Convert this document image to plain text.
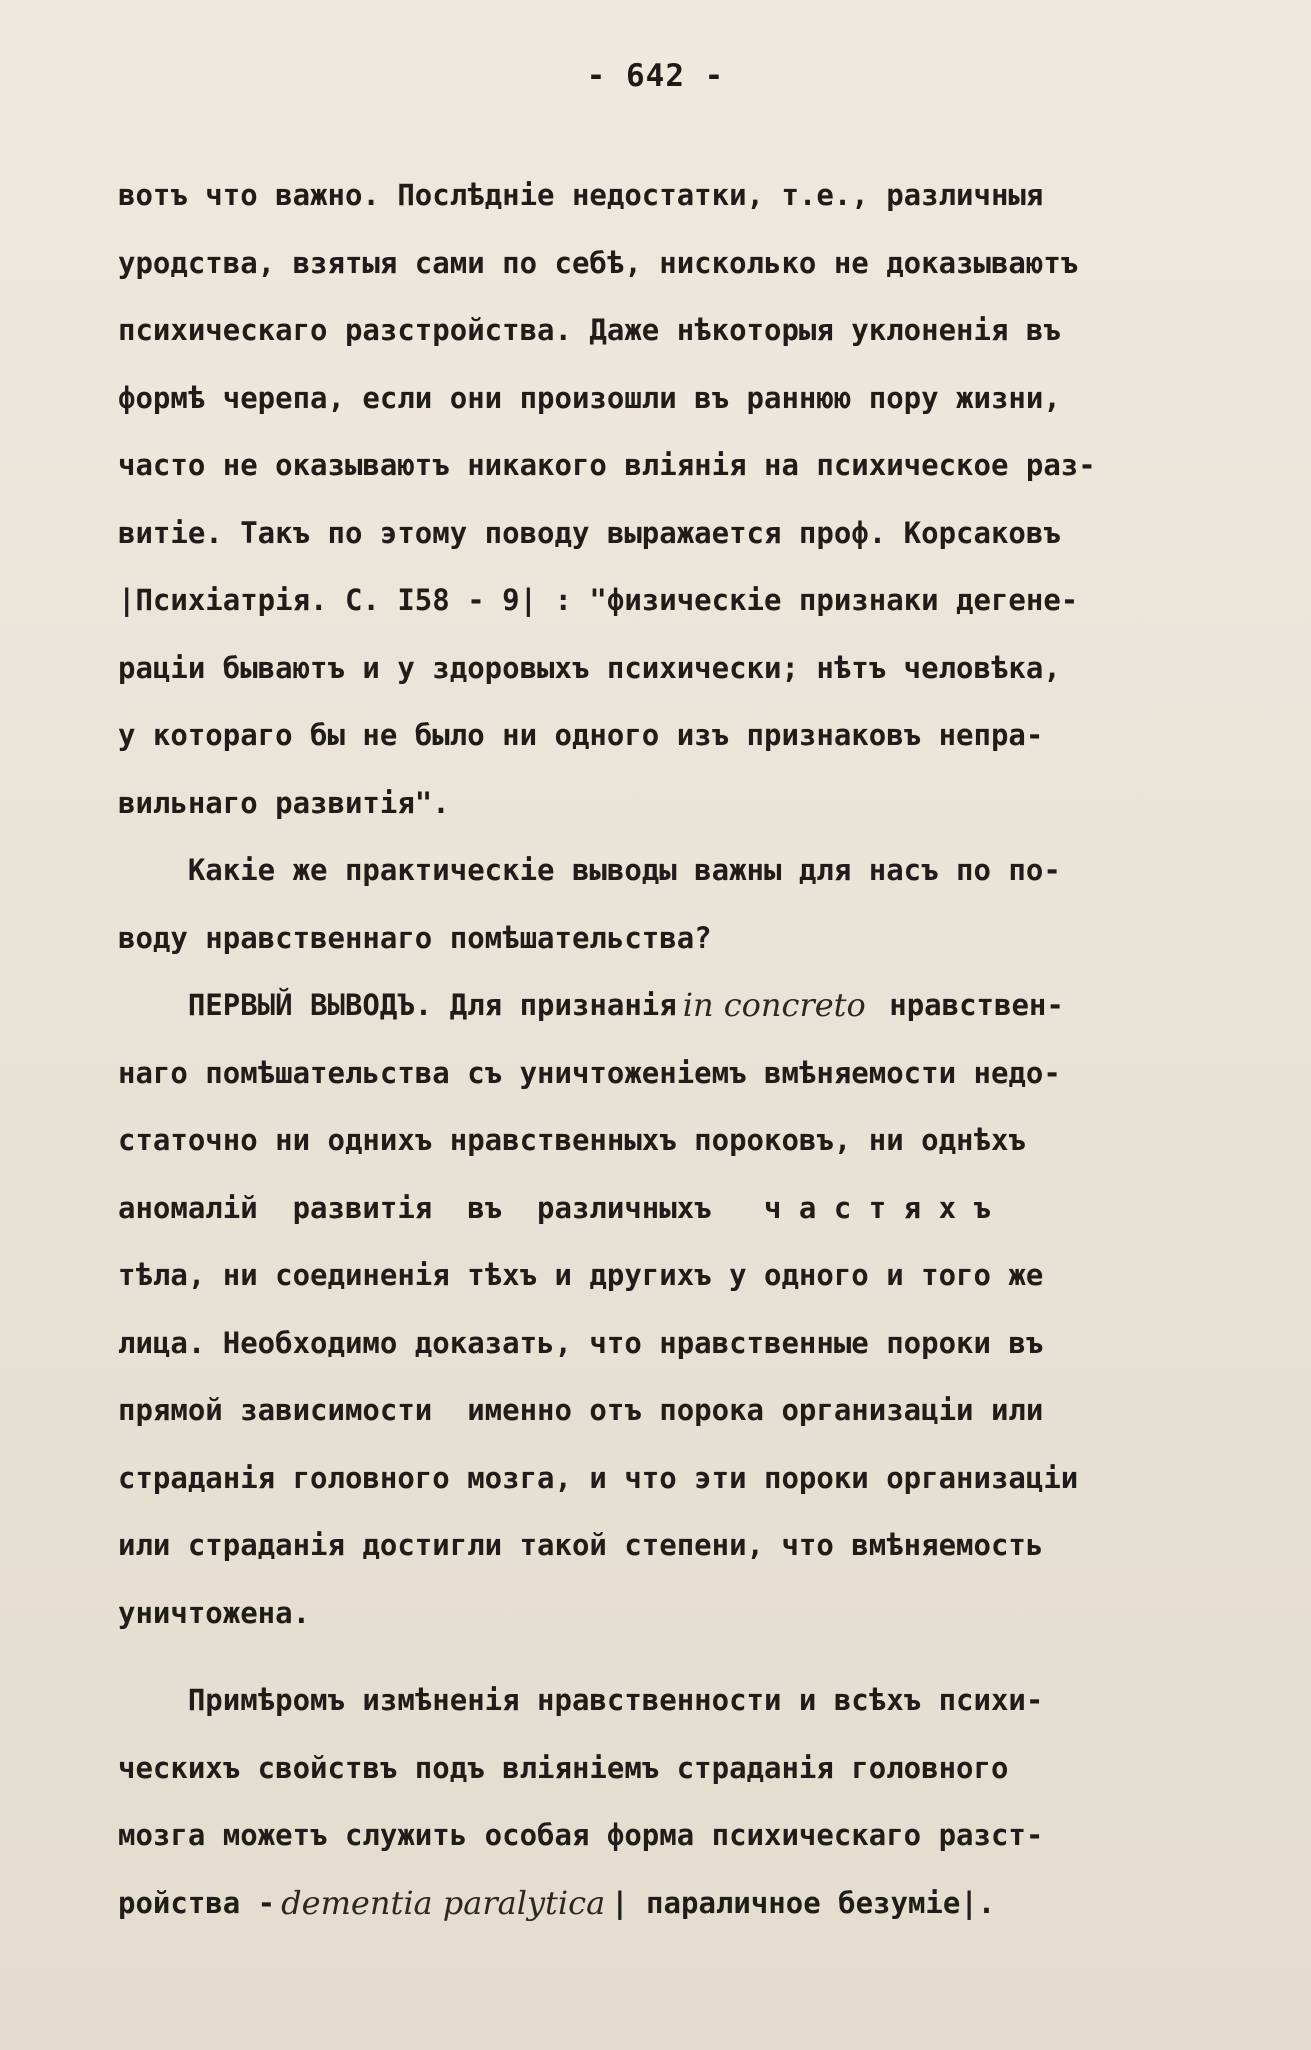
- 642 -
вотъ что важно. Послѣдніе недостатки, т.е., различныя
уродства, взятыя сами по себѣ, нисколько не доказываютъ
психическаго разстройства. Даже нѣкоторыя уклоненія въ
формѣ черепа, если они произошли въ раннюю пору жизни,
часто не оказываютъ никакого вліянія на психическое раз-
витіе. Такъ по этому поводу выражается проф. Корсаковъ
|Психіатрія. С. I58 - 9| : "физическіе признаки дегене-
раціи бываютъ и у здоровыхъ психически; нѣтъ человѣка,
у котораго бы не было ни одного изъ признаковъ непра-
вильнаго развитія".
Какіе же практическіе выводы важны для насъ по по-
воду нравственнаго помѣшательства?
ПЕРВЫЙ ВЫВОДЪ. Для признанія in concreto нравствен-
наго помѣшательства съ уничтоженіемъ вмѣняемости недо-
статочно ни однихъ нравственныхъ пороковъ, ни однѣхъ
аномалій  развитія  въ  различныхъ   ч а с т я х ъ
тѣла, ни соединенія тѣхъ и другихъ у одного и того же
лица. Необходимо доказать, что нравственные пороки въ
прямой зависимости  именно отъ порока организаціи или
страданія головного мозга, и что эти пороки организаціи
или страданія достигли такой степени, что вмѣняемость
уничтожена.
Примѣромъ измѣненія нравственности и всѣхъ психи-
ческихъ свойствъ подъ вліяніемъ страданія головного
мозга можетъ служить особая форма психическаго разст-
ройства - dementia paralytica | параличное безуміе|.
